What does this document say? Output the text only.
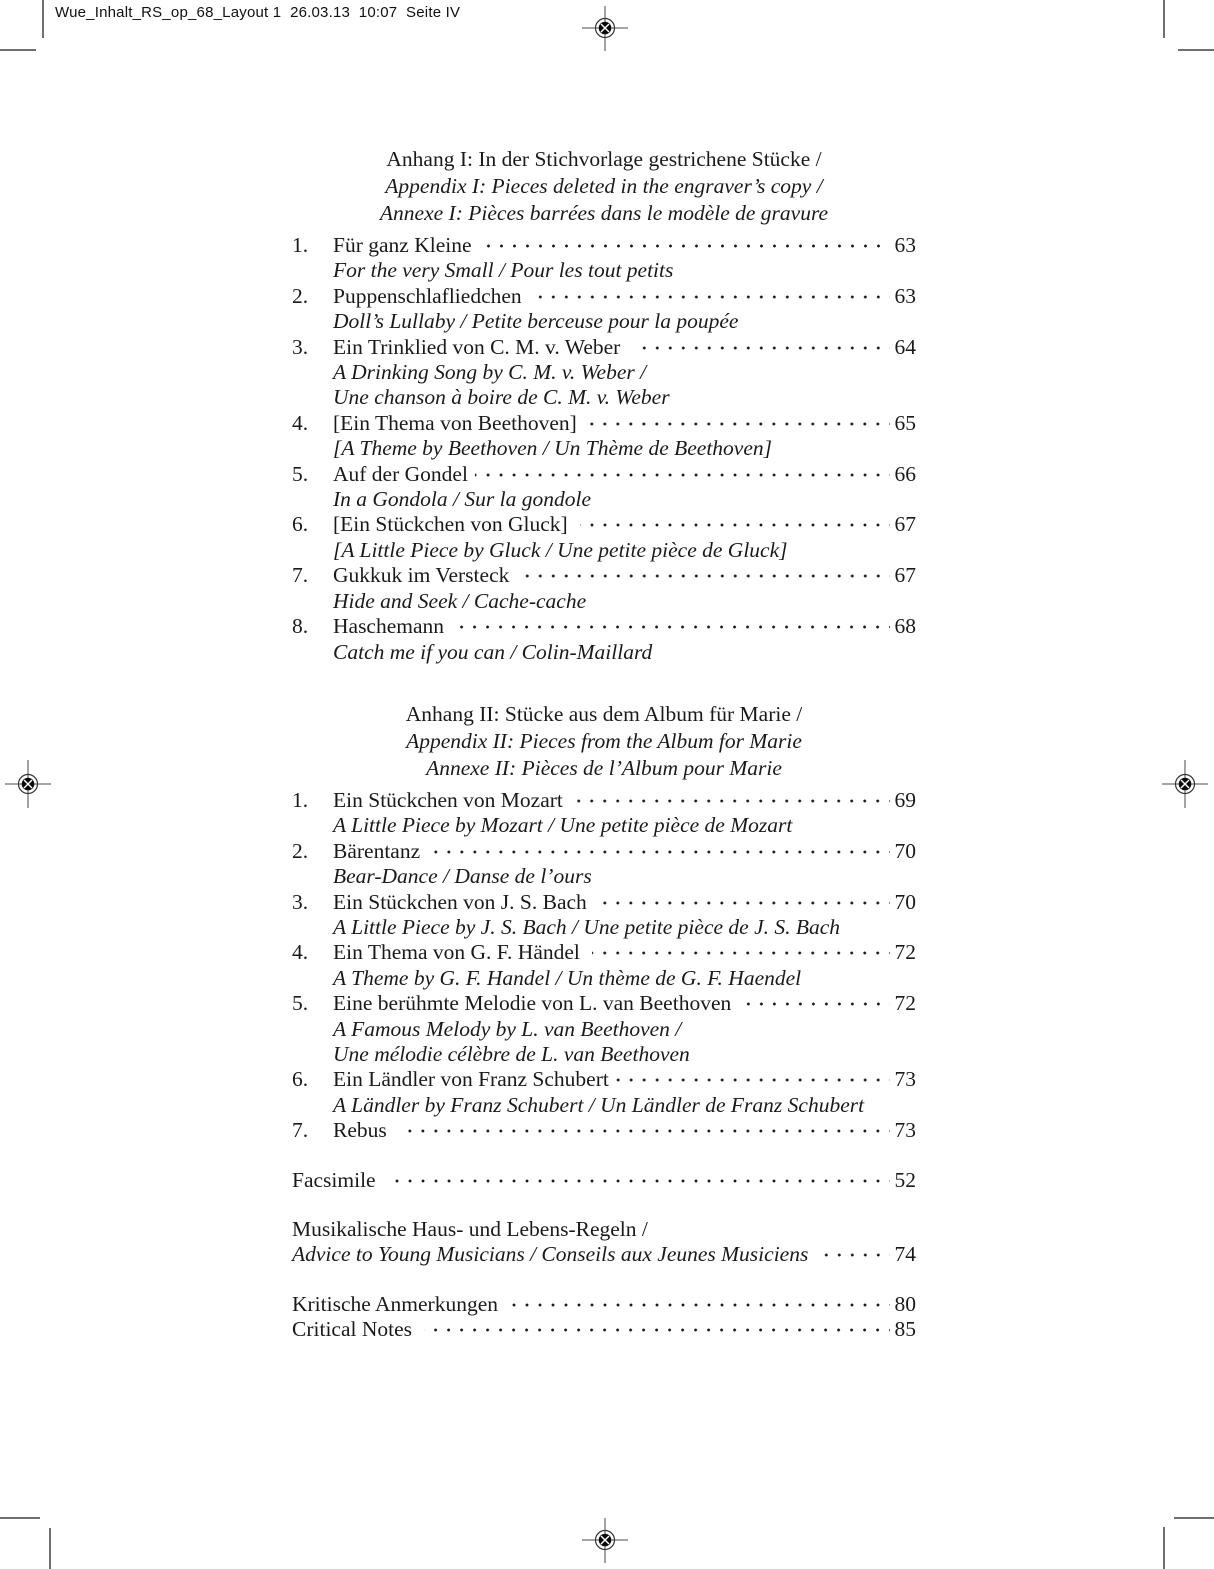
Wue_Inhalt_RS_op_68_Layout 1  26.03.13  10:07  Seite IV
Anhang I: In der Stichvorlage gestrichene Stücke /
Appendix I: Pieces deleted in the engraver’s copy /
Annexe I: Pièces barrées dans le modèle de gravure
1.	Für ganz Kleine	63
For the very Small / Pour les tout petits
2.	Puppenschlafliedchen	63
Doll’s Lullaby / Petite berceuse pour la poupée
3.	Ein Trinklied von C. M. v. Weber	64
A Drinking Song by C. M. v. Weber /
Une chanson à boire de C. M. v. Weber
4.	[Ein Thema von Beethoven]	65
[A Theme by Beethoven / Un Thème de Beethoven]
5.	Auf der Gondel	66
In a Gondola / Sur la gondole
6.	[Ein Stückchen von Gluck]	67
[A Little Piece by Gluck / Une petite pièce de Gluck]
7.	Gukkuk im Versteck	67
Hide and Seek / Cache-cache
8.	Haschemann	68
Catch me if you can / Colin-Maillard
Anhang II: Stücke aus dem Album für Marie /
Appendix II: Pieces from the Album for Marie
Annexe II: Pièces de l’Album pour Marie
1.	Ein Stückchen von Mozart	69
A Little Piece by Mozart / Une petite pièce de Mozart
2.	Bärentanz	70
Bear-Dance / Danse de l’ours
3.	Ein Stückchen von J. S. Bach	70
A Little Piece by J. S. Bach / Une petite pièce de J. S. Bach
4.	Ein Thema von G. F. Händel	72
A Theme by G. F. Handel / Un thème de G. F. Haendel
5.	Eine berühmte Melodie von L. van Beethoven	72
A Famous Melody by L. van Beethoven /
Une mélodie célèbre de L. van Beethoven
6.	Ein Ländler von Franz Schubert	73
A Ländler by Franz Schubert / Un Ländler de Franz Schubert
7.	Rebus	73
Facsimile	52
Musikalische Haus- und Lebens-Regeln /
Advice to Young Musicians / Conseils aux Jeunes Musiciens	74
Kritische Anmerkungen	80
Critical Notes	85
